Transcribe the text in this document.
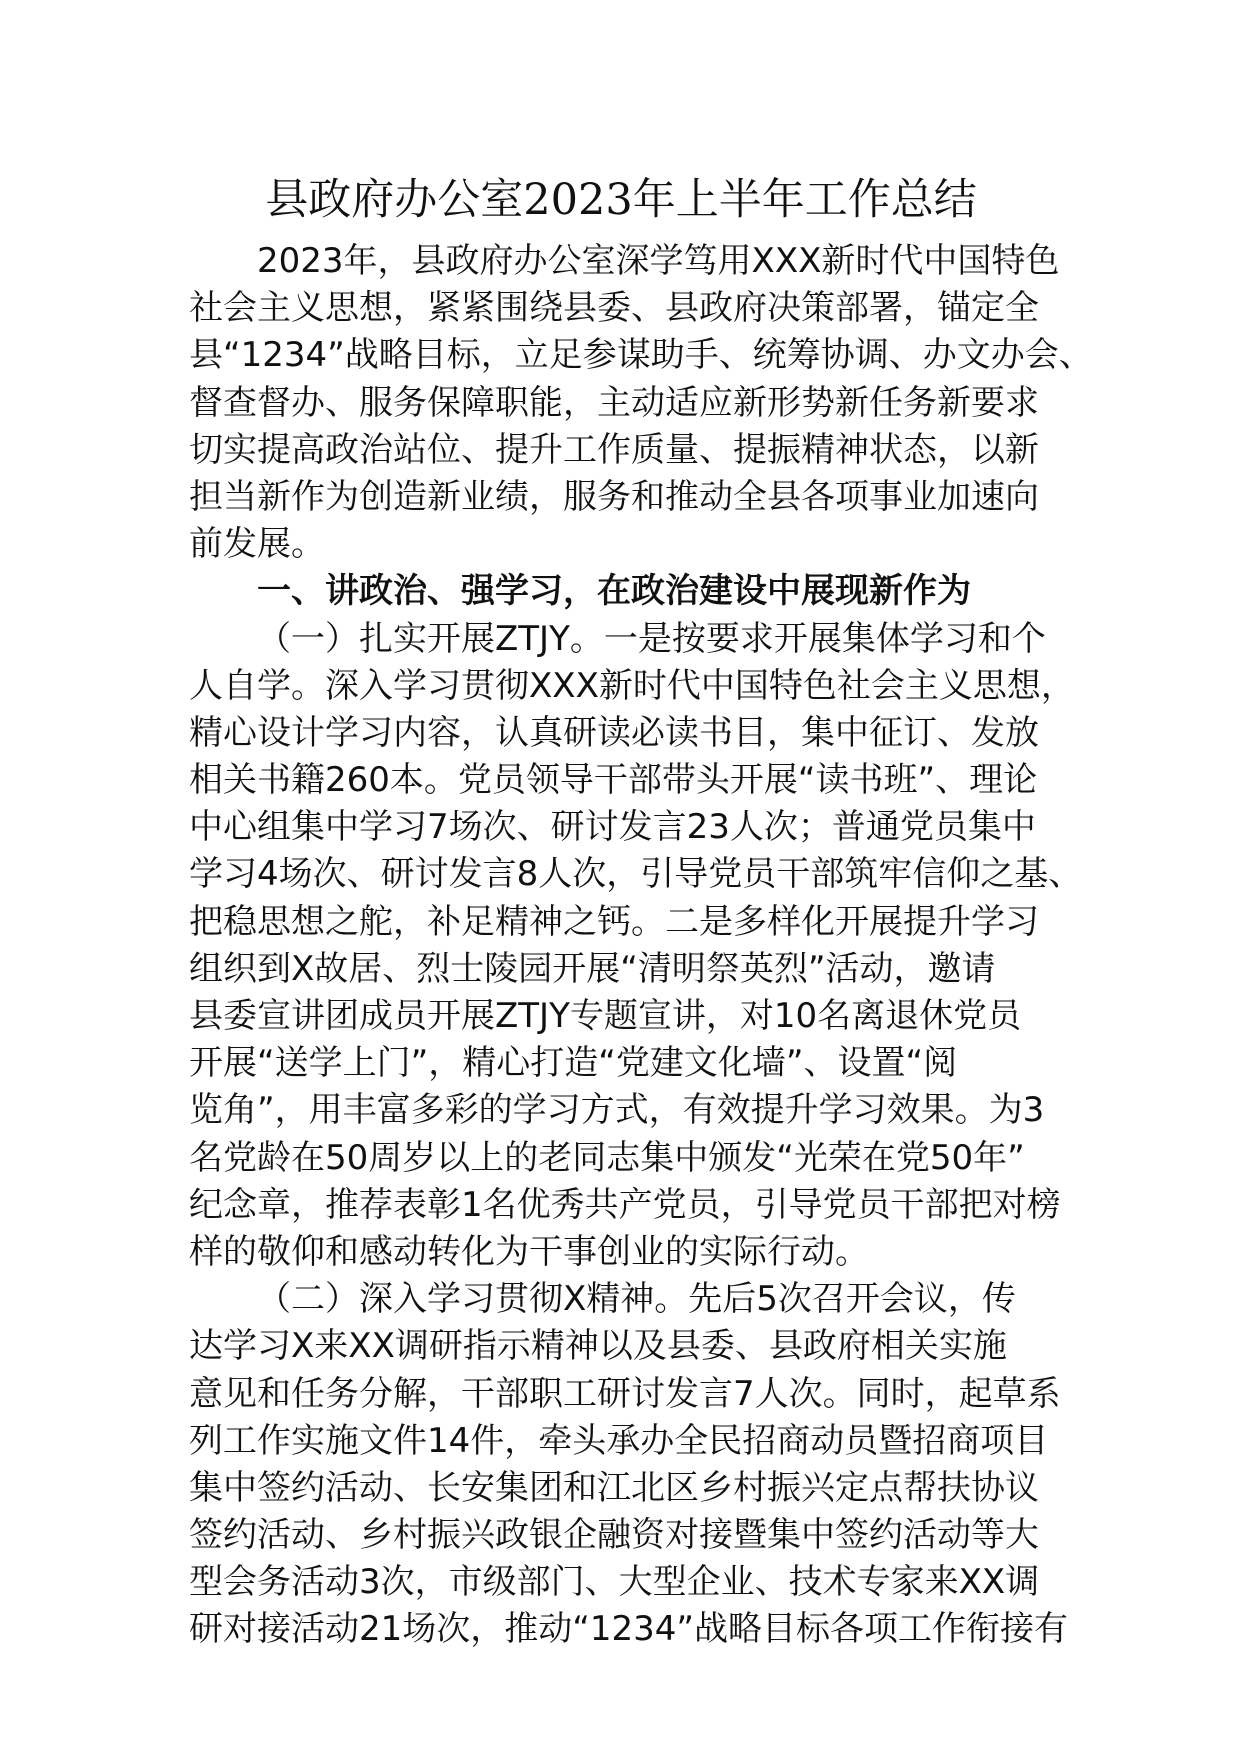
县政府办公室2023年上半年工作总结
2023年，县政府办公室深学笃用XXX新时代中国特色
社会主义思想，紧紧围绕县委、县政府决策部署，锚定全
县“1234”战略目标，立足参谋助手、统筹协调、办文办会、
督查督办、服务保障职能，主动适应新形势新任务新要求
切实提高政治站位、提升工作质量、提振精神状态，以新
担当新作为创造新业绩，服务和推动全县各项事业加速向
前发展。
一、讲政治、强学习，在政治建设中展现新作为
（一）扎实开展ZTJY。一是按要求开展集体学习和个
人自学。深入学习贯彻XXX新时代中国特色社会主义思想，
精心设计学习内容，认真研读必读书目，集中征订、发放
相关书籍260本。党员领导干部带头开展“读书班”、理论
中心组集中学习7场次、研讨发言23人次；普通党员集中
学习4场次、研讨发言8人次，引导党员干部筑牢信仰之基、
把稳思想之舵，补足精神之钙。二是多样化开展提升学习
组织到X故居、烈士陵园开展“清明祭英烈”活动，邀请
县委宣讲团成员开展ZTJY专题宣讲，对10名离退休党员
开展“送学上门”，精心打造“党建文化墙”、设置“阅
览角”，用丰富多彩的学习方式，有效提升学习效果。为3
名党龄在50周岁以上的老同志集中颁发“光荣在党50年”
纪念章，推荐表彰1名优秀共产党员，引导党员干部把对榜
样的敬仰和感动转化为干事创业的实际行动。
（二）深入学习贯彻X精神。先后5次召开会议，传
达学习X来XX调研指示精神以及县委、县政府相关实施
意见和任务分解，干部职工研讨发言7人次。同时，起草系
列工作实施文件14件，牵头承办全民招商动员暨招商项目
集中签约活动、长安集团和江北区乡村振兴定点帮扶协议
签约活动、乡村振兴政银企融资对接暨集中签约活动等大
型会务活动3次，市级部门、大型企业、技术专家来XX调
研对接活动21场次，推动“1234”战略目标各项工作衔接有
